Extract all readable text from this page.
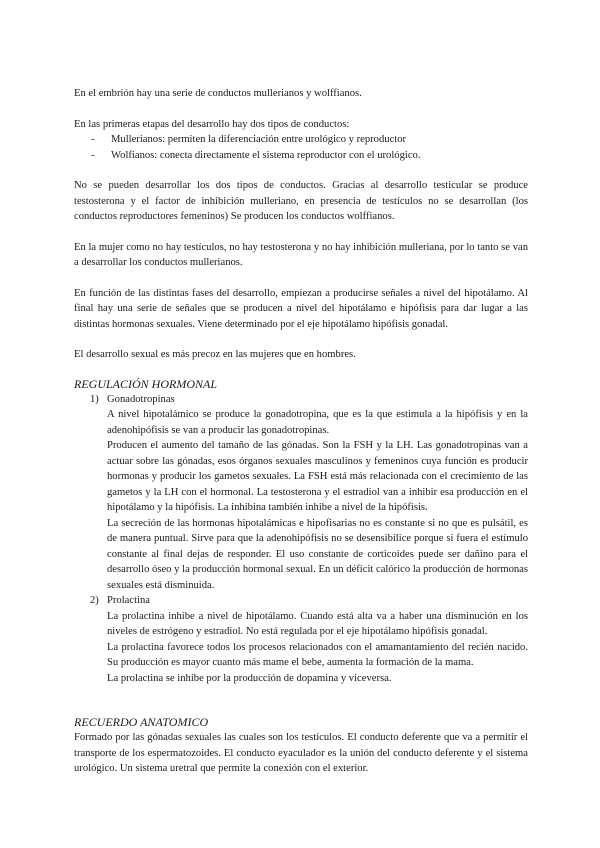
En el embrión hay una serie de conductos mullerianos y wolffianos.

En las primeras etapas del desarrollo hay dos tipos de conductos:

- Mullerianos: permiten la diferenciación entre urológico y reproductor
- Wolfianos: conecta directamente el sistema reproductor con el urológico.

No se pueden desarrollar los dos tipos de conductos. Gracias al desarrollo testicular se produce testosterona y el factor de inhibición mulleriano, en presencia de testículos no se desarrollan (los conductos reproductores femeninos) Se producen los conductos wolffianos.

En la mujer como no hay testículos, no hay testosterona y no hay inhibición mulleriana, por lo tanto se van a desarrollar los conductos mullerianos.

En función de las distintas fases del desarrollo, empiezan a producirse señales a nivel del hipotálamo. Al final hay una serie de señales que se producen a nivel del hipotálamo e hipófisis para dar lugar a las distintas hormonas sexuales. Viene determinado por el eje hipotálamo hipófisis gonadal.

El desarrollo sexual es más precoz en las mujeres que en hombres.

REGULACIÓN HORMONAL

1) Gonadotropinas

A nivel hipotalámico se produce la gonadotropina, que es la que estimula a la hipófisis y en la adenohipófisis se van a producir las gonadotropinas.

Producen el aumento del tamaño de las gónadas. Son la FSH y la LH. Las gonadotropinas van a actuar sobre las gónadas, esos órganos sexuales masculinos y femeninos cuya función es producir hormonas y producir los gametos sexuales. La FSH está más relacionada con el crecimiento de las gametos y la LH con el hormonal. La testosterona y el estradiol van a inhibir esa producción en el hipotálamo y la hipófisis. La inhibina también inhibe a nivel de la hipófisis.

La secreción de las hormonas hipotalámicas e hipofisarias no es constante si no que es pulsátil, es de manera puntual. Sirve para que la adenohipófisis no se desensibilice porque si fuera el estímulo constante al final dejas de responder. El uso constante de corticoides puede ser dañino para el desarrollo óseo y la producción hormonal sexual. En un déficit calórico la producción de hormonas sexuales está disminuida.

2) Prolactina

La prolactina inhibe a nivel de hipotálamo. Cuando está alta va a haber una disminución en los niveles de estrógeno y estradiol. No está regulada por el eje hipotálamo hipófisis gonadal.

La prolactina favorece todos los procesos relacionados con el amamantamiento del recién nacido. Su producción es mayor cuanto más mame el bebe, aumenta la formación de la mama.

La prolactina se inhibe por la producción de dopamina y viceversa.

RECUERDO ANATOMICO

Formado por las gónadas sexuales las cuales son los testículos. El conducto deferente que va a permitir el transporte de los espermatozoides. El conducto eyaculador es la unión del conducto deferente y el sistema urológico. Un sistema uretral que permite la conexión con el exterior.
